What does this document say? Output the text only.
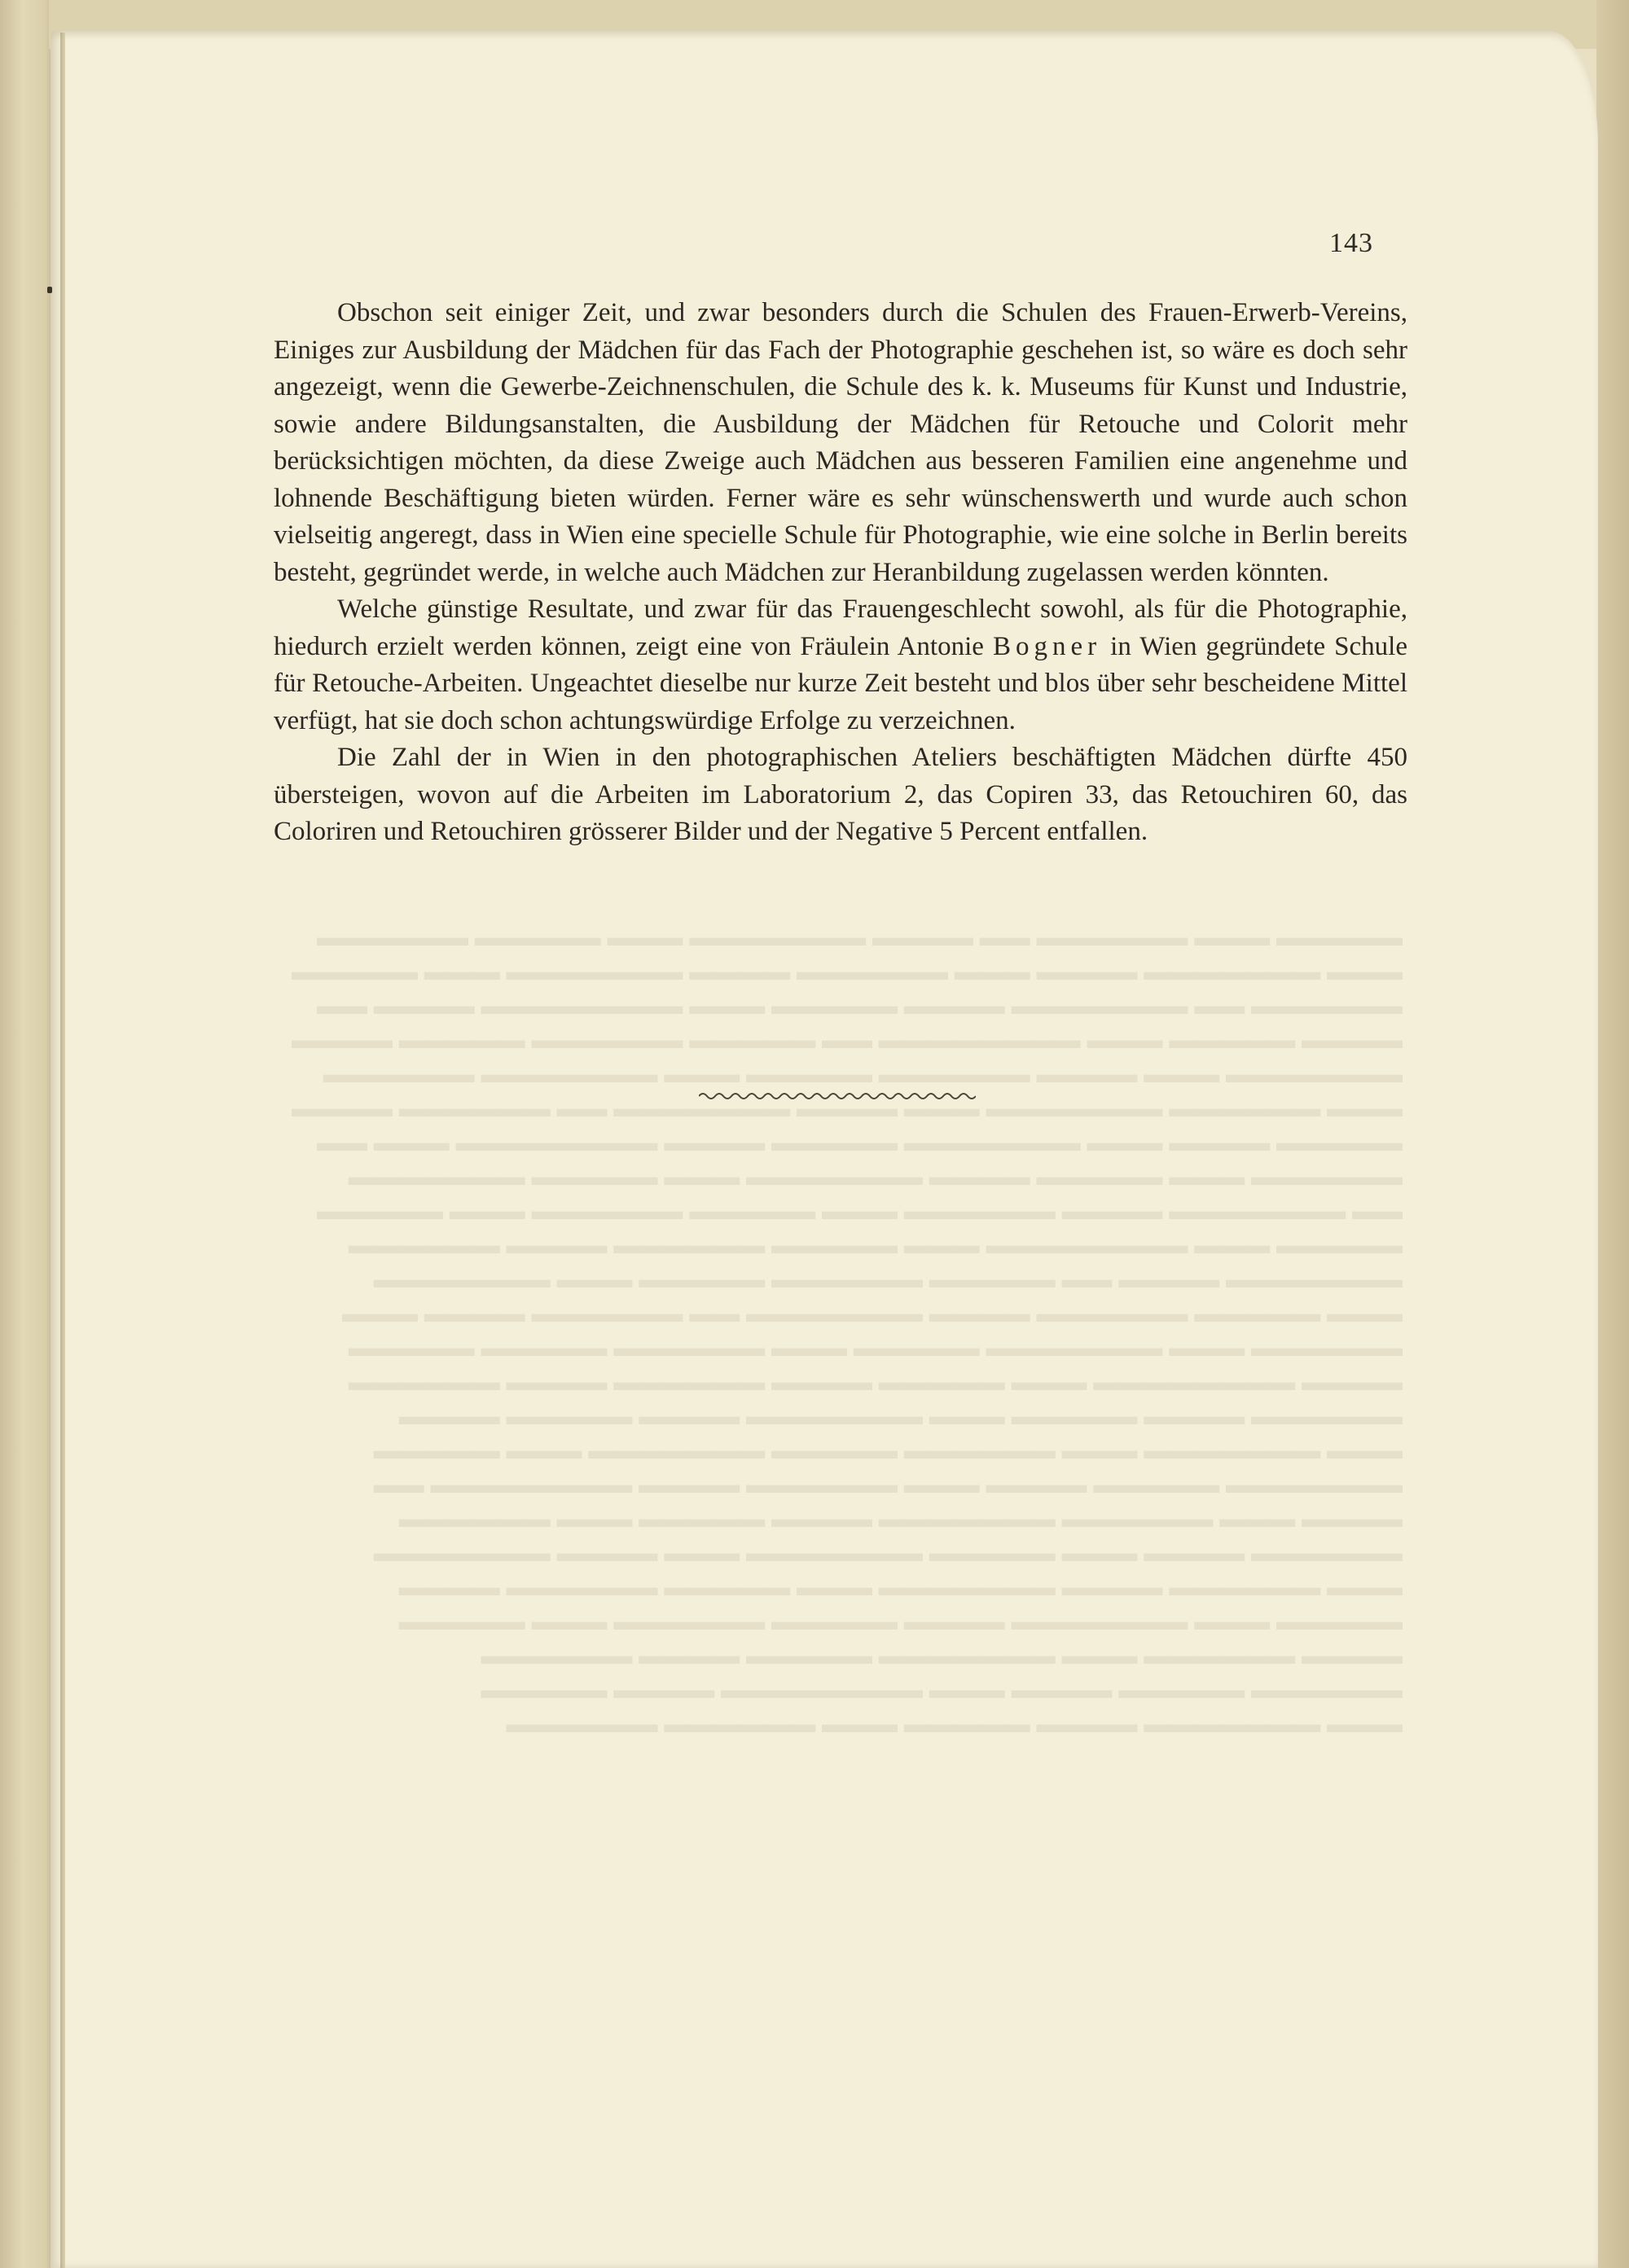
143

Obschon seit einiger Zeit, und zwar besonders durch die Schulen des Frauen-Erwerb-Vereins, Einiges zur Ausbildung der Mädchen für das Fach der Photographie geschehen ist, so wäre es doch sehr angezeigt, wenn die Gewerbe-Zeichnenschulen, die Schule des k. k. Museums für Kunst und Industrie, sowie andere Bildungsanstalten, die Ausbildung der Mädchen für Retouche und Colorit mehr berücksichtigen möchten, da diese Zweige auch Mädchen aus besseren Familien eine angenehme und lohnende Beschäftigung bieten würden. Ferner wäre es sehr wünschenswerth und wurde auch schon vielseitig angeregt, dass in Wien eine specielle Schule für Photographie, wie eine solche in Berlin bereits besteht, gegründet werde, in welche auch Mädchen zur Heranbildung zugelassen werden könnten.

Welche günstige Resultate, und zwar für das Frauengeschlecht sowohl, als für die Photographie, hiedurch erzielt werden können, zeigt eine von Fräulein Antonie Bogner in Wien gegründete Schule für Retouche-Arbeiten. Ungeachtet dieselbe nur kurze Zeit besteht und blos über sehr bescheidene Mittel verfügt, hat sie doch schon achtungswürdige Erfolge zu verzeichnen.

Die Zahl der in Wien in den photographischen Ateliers beschäftigten Mädchen dürfte 450 übersteigen, wovon auf die Arbeiten im Laboratorium 2, das Copiren 33, das Retouchiren 60, das Coloriren und Retouchiren grösserer Bilder und der Negative 5 Percent entfallen.
